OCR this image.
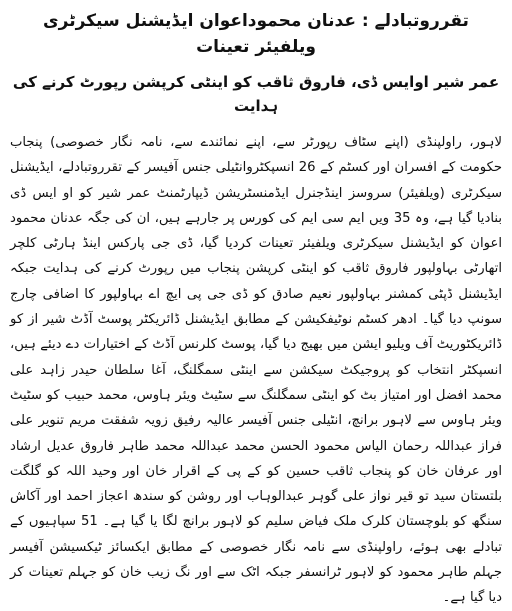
تقرروتبادلے : عدنان محموداعوان ایڈیشنل سیکرٹری ویلفیئر تعینات
عمر شیر اوایس ڈی، فاروق ثاقب کو اینٹی کرپشن رپورٹ کرنے کی ہدایت

لاہور، راولپنڈی (اپنے سٹاف رپورٹر سے، اپنے نمائندے سے، نامہ نگار خصوصی) پنجاب حکومت کے افسران اور کسٹم کے 26 انسپکٹروانٹیلی جنس آفیسر کے تقرروتبادلے، ایڈیشنل سیکرٹری (ویلفیئر) سروسز اینڈجنرل ایڈمنسٹریشن ڈیپارٹمنٹ عمر شیر کو او ایس ڈی بنادیا گیا ہے، وہ 35 ویں ایم سی ایم کی کورس پر جارہے ہیں، ان کی جگہ عدنان محمود اعوان کو ایڈیشنل سیکرٹری ویلفیئر تعینات کردیا گیا، ڈی جی پارکس اینڈ ہارٹی کلچر اتھارٹی بہاولپور فاروق ثاقب کو اینٹی کرپشن پنجاب میں رپورٹ کرنے کی ہدایت جبکہ ایڈیشنل ڈپٹی کمشنر بہاولپور نعیم صادق کو ڈی جی پی ایچ اے بہاولپور کا اضافی چارج سونپ دیا گیا۔ ادھر کسٹم نوٹیفکیشن کے مطابق ایڈیشنل ڈائریکٹر پوسٹ آڈٹ شیر از کو ڈائریکٹوریٹ آف ویلیو ایشن میں بھیج دیا گیا، پوسٹ کلرنس آڈٹ کے اختیارات دے دیئے ہیں، انسپکٹر انتخاب کو پروجیکٹ سیکشن سے اینٹی سمگلنگ، آغا سلطان حیدر زاہد علی محمد افضل اور امتیاز بٹ کو اینٹی سمگلنگ سے سٹیٹ ویئر ہاوس، محمد حبیب کو سٹیٹ ویئر ہاوس سے لاہور برانچ، انٹیلی جنس آفیسر عالیہ رفیق زویہ شفقت مریم تنویر علی فراز عبداللہ رحمان الیاس محمود الحسن محمد عبداللہ محمد طاہر فاروق عدیل ارشاد اور عرفان خان کو پنجاب ثاقب حسین کو کے پی کے اقرار خان اور وحید اللہ کو گلگت بلتستان سید تو قیر نواز علی گوہر عبدالوہاب اور روشن کو سندھ اعجاز احمد اور آکاش سنگھ کو بلوچستان کلرک ملک فیاض سلیم کو لاہور برانچ لگا یا گیا ہے۔ 51 سپاہیوں کے تبادلے بھی ہوئے، راولپنڈی سے نامہ نگار خصوصی کے مطابق ایکسائز ٹیکسیشن آفیسر جہلم طاہر محمود کو لاہور ٹرانسفر جبکہ اٹک سے اور نگ زیب خان کو جہلم تعینات کر دیا گیا ہے۔
